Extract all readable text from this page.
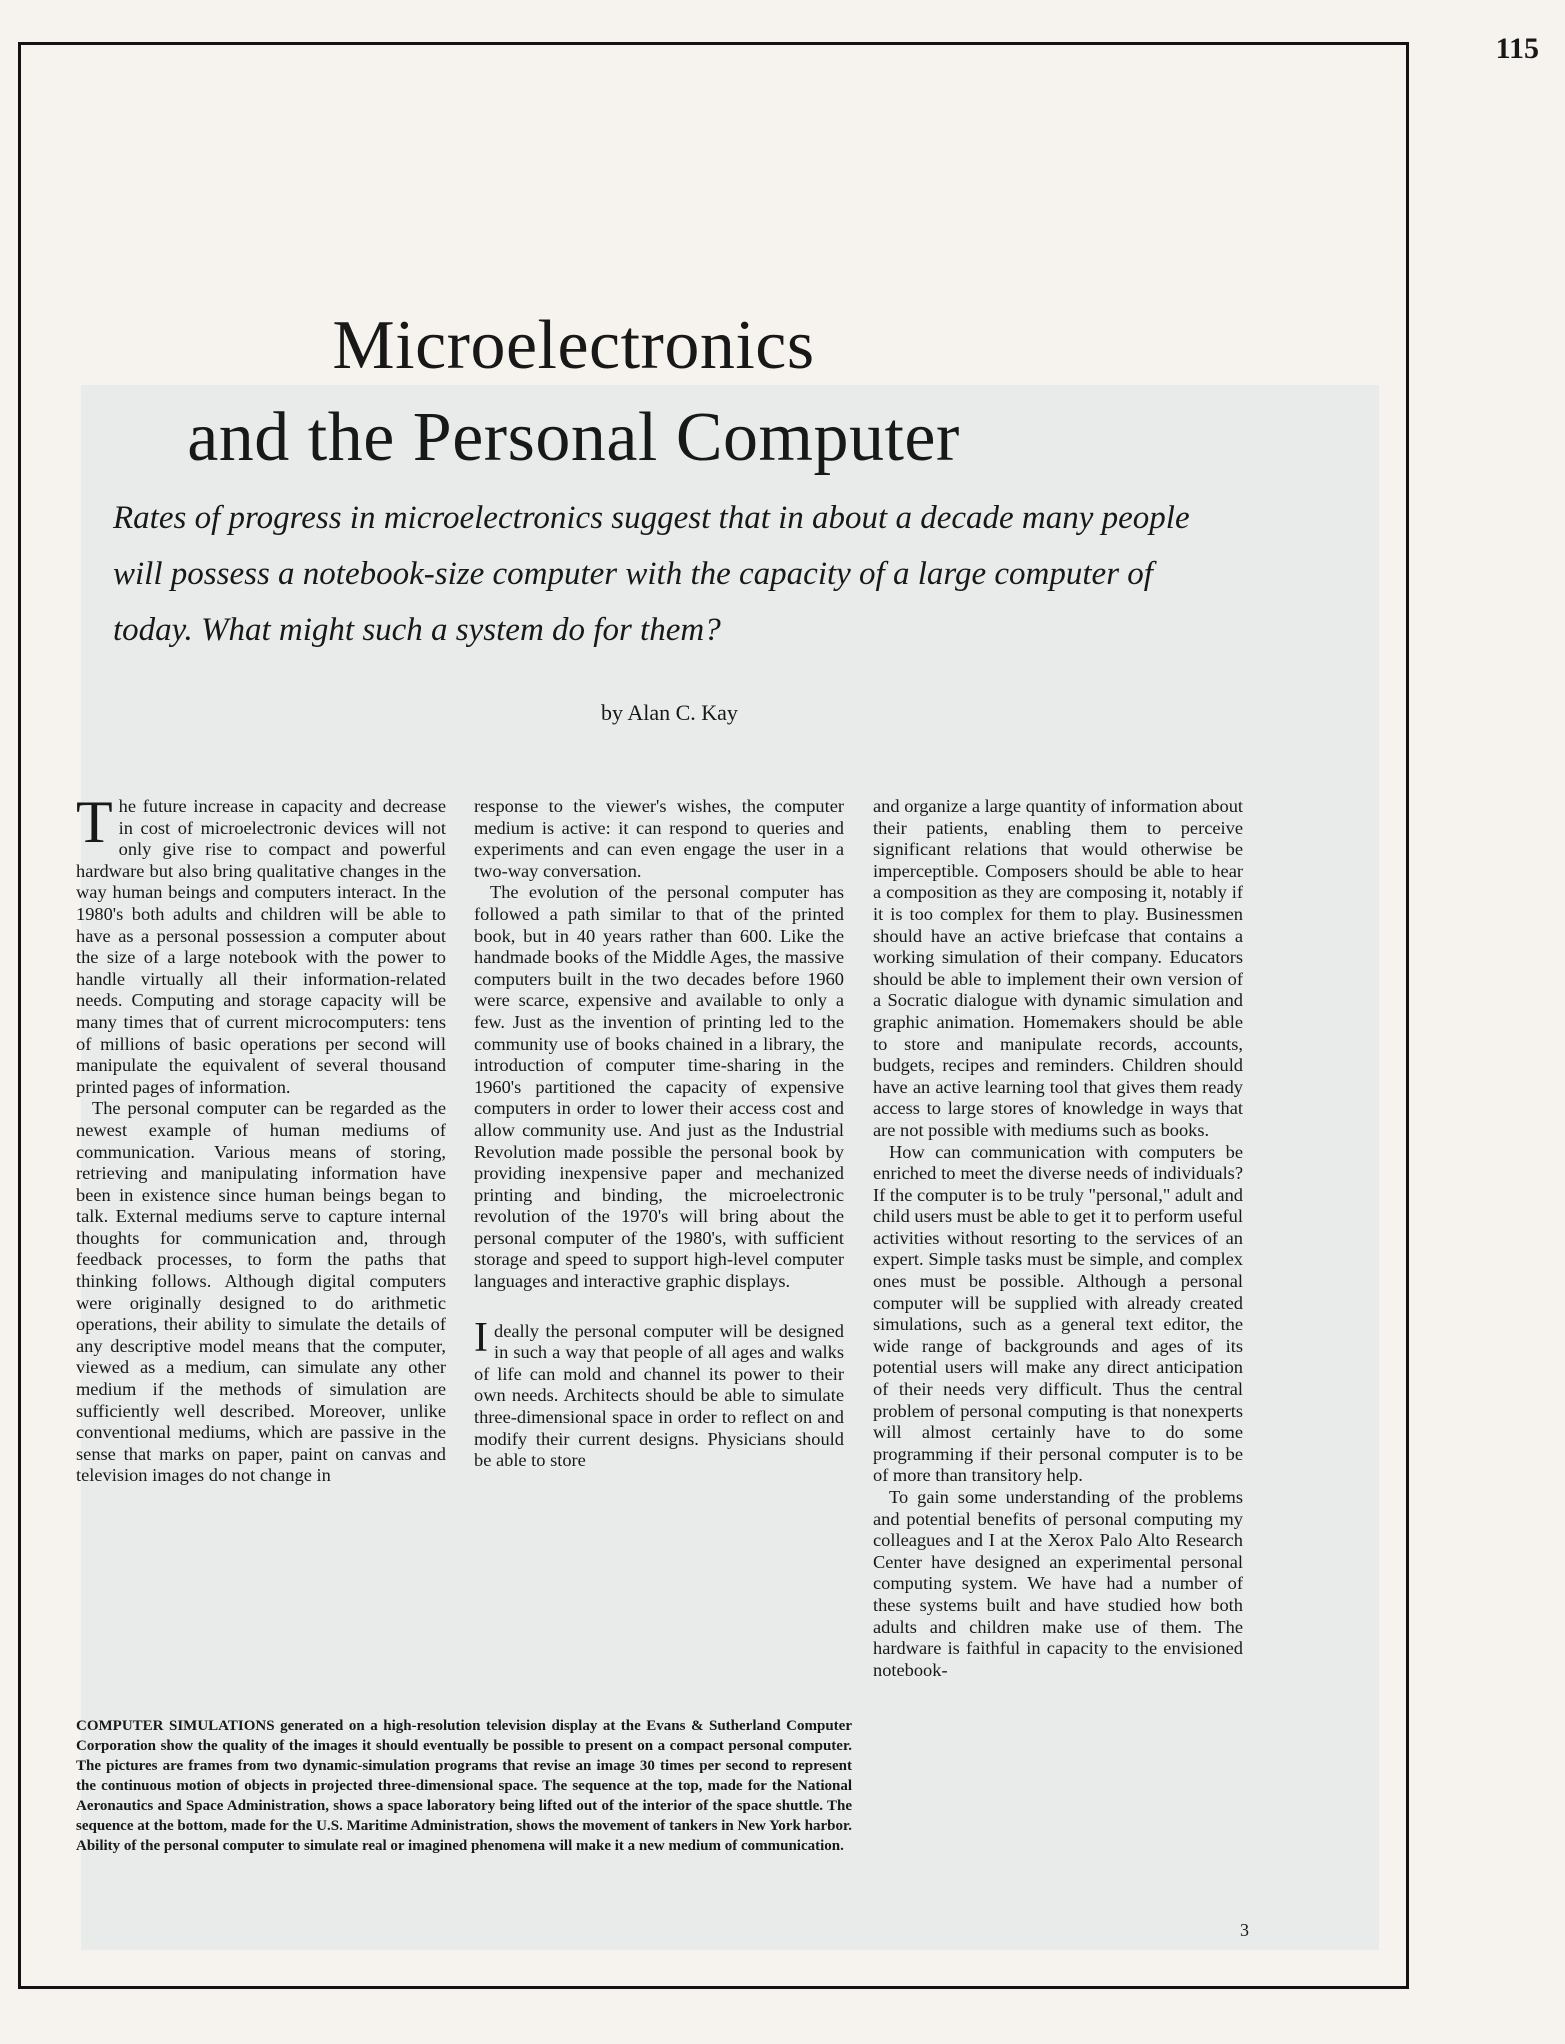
115
Microelectronics
and the Personal Computer
Rates of progress in microelectronics suggest that in about a decade many people will possess a notebook-size computer with the capacity of a large computer of today. What might such a system do for them?
by Alan C. Kay

The future increase in capacity and decrease in cost of microelectronic devices will not only give rise to compact and powerful hardware but also bring qualitative changes in the way human beings and computers interact. In the 1980's both adults and children will be able to have as a personal possession a computer about the size of a large notebook with the power to handle virtually all their information-related needs. Computing and storage capacity will be many times that of current microcomputers: tens of millions of basic operations per second will manipulate the equivalent of several thousand printed pages of information.

The personal computer can be regarded as the newest example of human mediums of communication. Various means of storing, retrieving and manipulating information have been in existence since human beings began to talk. External mediums serve to capture internal thoughts for communication and, through feedback processes, to form the paths that thinking follows. Although digital computers were originally designed to do arithmetic operations, their ability to simulate the details of any descriptive model means that the computer, viewed as a medium, can simulate any other medium if the methods of simulation are sufficiently well described. Moreover, unlike conventional mediums, which are passive in the sense that marks on paper, paint on canvas and television images do not change in

response to the viewer's wishes, the computer medium is active: it can respond to queries and experiments and can even engage the user in a two-way conversation.

The evolution of the personal computer has followed a path similar to that of the printed book, but in 40 years rather than 600. Like the handmade books of the Middle Ages, the massive computers built in the two decades before 1960 were scarce, expensive and available to only a few. Just as the invention of printing led to the community use of books chained in a library, the introduction of computer time-sharing in the 1960's partitioned the capacity of expensive computers in order to lower their access cost and allow community use. And just as the Industrial Revolution made possible the personal book by providing inexpensive paper and mechanized printing and binding, the microelectronic revolution of the 1970's will bring about the personal computer of the 1980's, with sufficient storage and speed to support high-level computer languages and interactive graphic displays.

Ideally the personal computer will be designed in such a way that people of all ages and walks of life can mold and channel its power to their own needs. Architects should be able to simulate three-dimensional space in order to reflect on and modify their current designs. Physicians should be able to store

and organize a large quantity of information about their patients, enabling them to perceive significant relations that would otherwise be imperceptible. Composers should be able to hear a composition as they are composing it, notably if it is too complex for them to play. Businessmen should have an active briefcase that contains a working simulation of their company. Educators should be able to implement their own version of a Socratic dialogue with dynamic simulation and graphic animation. Homemakers should be able to store and manipulate records, accounts, budgets, recipes and reminders. Children should have an active learning tool that gives them ready access to large stores of knowledge in ways that are not possible with mediums such as books.

How can communication with computers be enriched to meet the diverse needs of individuals? If the computer is to be truly "personal," adult and child users must be able to get it to perform useful activities without resorting to the services of an expert. Simple tasks must be simple, and complex ones must be possible. Although a personal computer will be supplied with already created simulations, such as a general text editor, the wide range of backgrounds and ages of its potential users will make any direct anticipation of their needs very difficult. Thus the central problem of personal computing is that nonexperts will almost certainly have to do some programming if their personal computer is to be of more than transitory help.

To gain some understanding of the problems and potential benefits of personal computing my colleagues and I at the Xerox Palo Alto Research Center have designed an experimental personal computing system. We have had a number of these systems built and have studied how both adults and children make use of them. The hardware is faithful in capacity to the envisioned notebook-

COMPUTER SIMULATIONS generated on a high-resolution television display at the Evans & Sutherland Computer Corporation show the quality of the images it should eventually be possible to present on a compact personal computer. The pictures are frames from two dynamic-simulation programs that revise an image 30 times per second to represent the continuous motion of objects in projected three-dimensional space. The sequence at the top, made for the National Aeronautics and Space Administration, shows a space laboratory being lifted out of the interior of the space shuttle. The sequence at the bottom, made for the U.S. Maritime Administration, shows the movement of tankers in New York harbor. Ability of the personal computer to simulate real or imagined phenomena will make it a new medium of communication.
3
